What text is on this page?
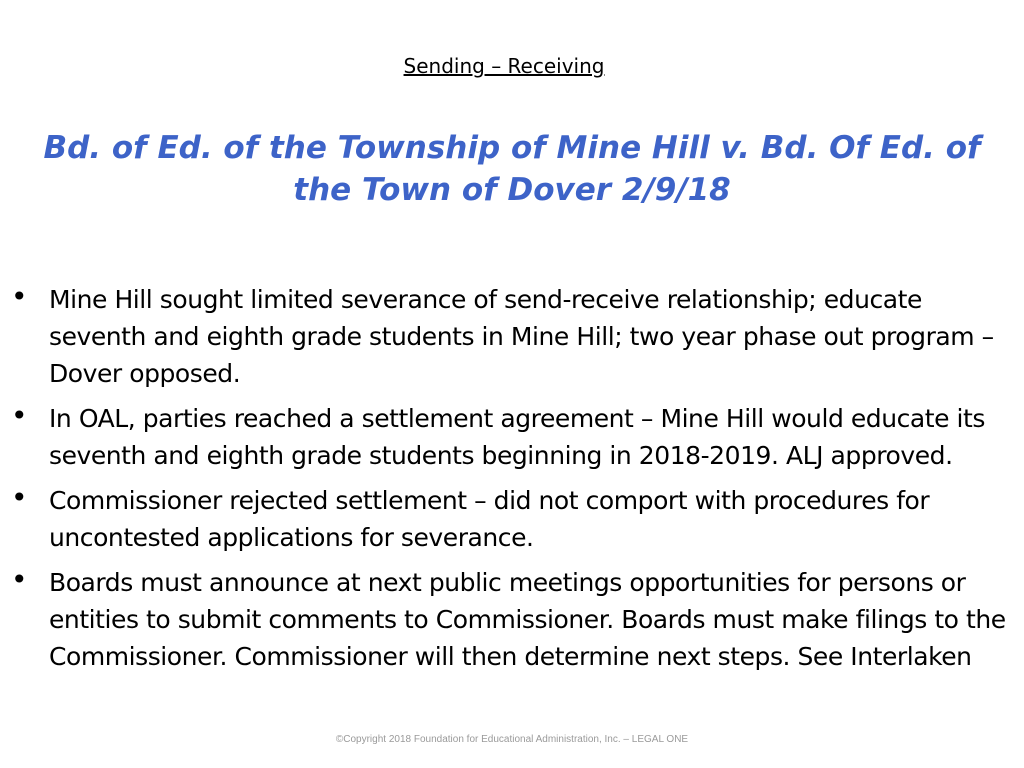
Sending – Receiving
Bd. of Ed. of the Township of Mine Hill v. Bd. Of Ed. of the Town of Dover 2/9/18
• Mine Hill sought limited severance of send-receive relationship; educate seventh and eighth grade students in Mine Hill; two year phase out program – Dover opposed.
• In OAL, parties reached a settlement agreement – Mine Hill would educate its seventh and eighth grade students beginning in 2018-2019. ALJ approved.
• Commissioner rejected settlement – did not comport with procedures for uncontested applications for severance.
• Boards must announce at next public meetings opportunities for persons or entities to submit comments to Commissioner. Boards must make filings to the Commissioner. Commissioner will then determine next steps. See Interlaken
©Copyright 2018 Foundation for Educational Administration, Inc. – LEGAL ONE
